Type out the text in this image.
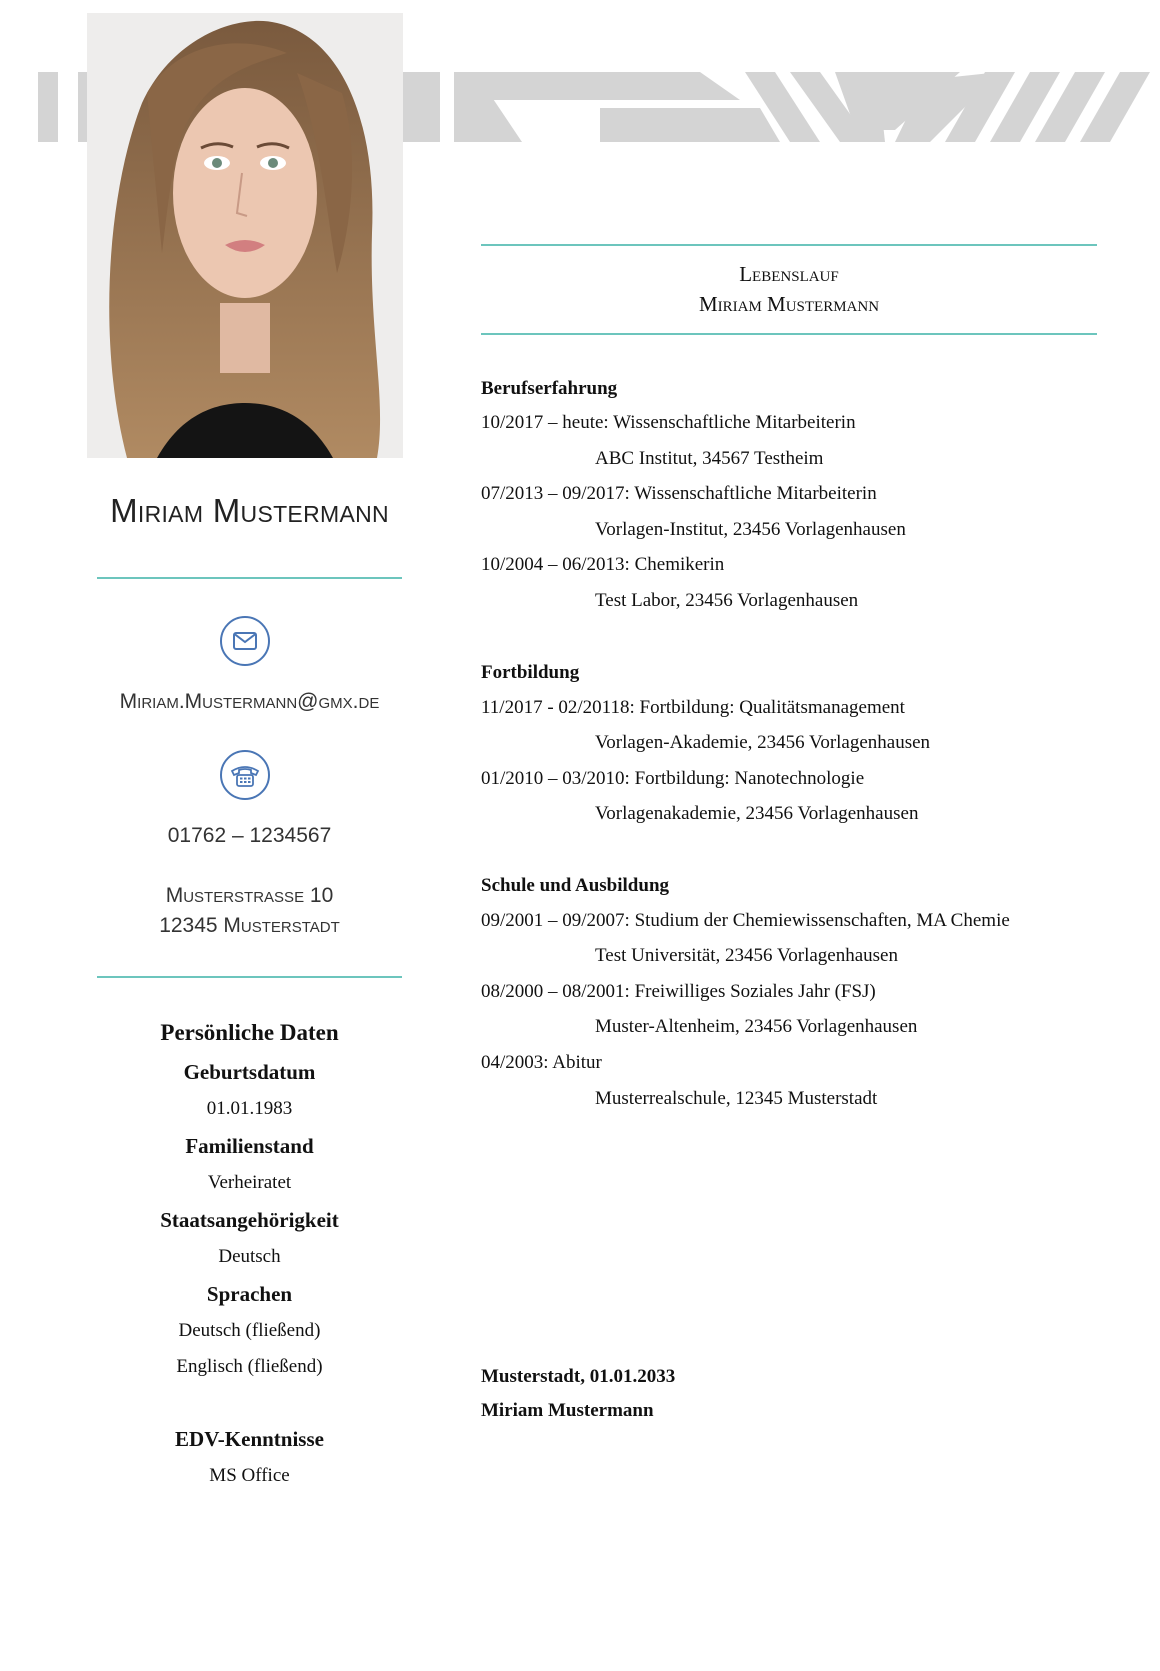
Miriam Mustermann
Miriam.Mustermann@gmx.de
01762 – 1234567
Musterstrasse 10
12345 Musterstadt
Persönliche Daten
Geburtsdatum
01.01.1983
Familienstand
Verheiratet
Staatsangehörigkeit
Deutsch
Sprachen
Deutsch (fließend)
Englisch (fließend)
EDV-Kenntnisse
MS Office
Lebenslauf
Miriam Mustermann
Berufserfahrung
10/2017 – heute: Wissenschaftliche Mitarbeiterin
ABC Institut, 34567 Testheim
07/2013 – 09/2017: Wissenschaftliche Mitarbeiterin
Vorlagen-Institut, 23456 Vorlagenhausen
10/2004 – 06/2013: Chemikerin
Test Labor, 23456 Vorlagenhausen
Fortbildung
11/2017 - 02/20118: Fortbildung: Qualitätsmanagement
Vorlagen-Akademie, 23456 Vorlagenhausen
01/2010 – 03/2010: Fortbildung: Nanotechnologie
Vorlagenakademie, 23456 Vorlagenhausen
Schule und Ausbildung
09/2001 – 09/2007: Studium der Chemiewissenschaften, MA Chemie
Test Universität, 23456 Vorlagenhausen
08/2000 – 08/2001: Freiwilliges Soziales Jahr (FSJ)
Muster-Altenheim, 23456 Vorlagenhausen
04/2003: Abitur
Musterrealschule, 12345 Musterstadt
Musterstadt, 01.01.2033
Miriam Mustermann
